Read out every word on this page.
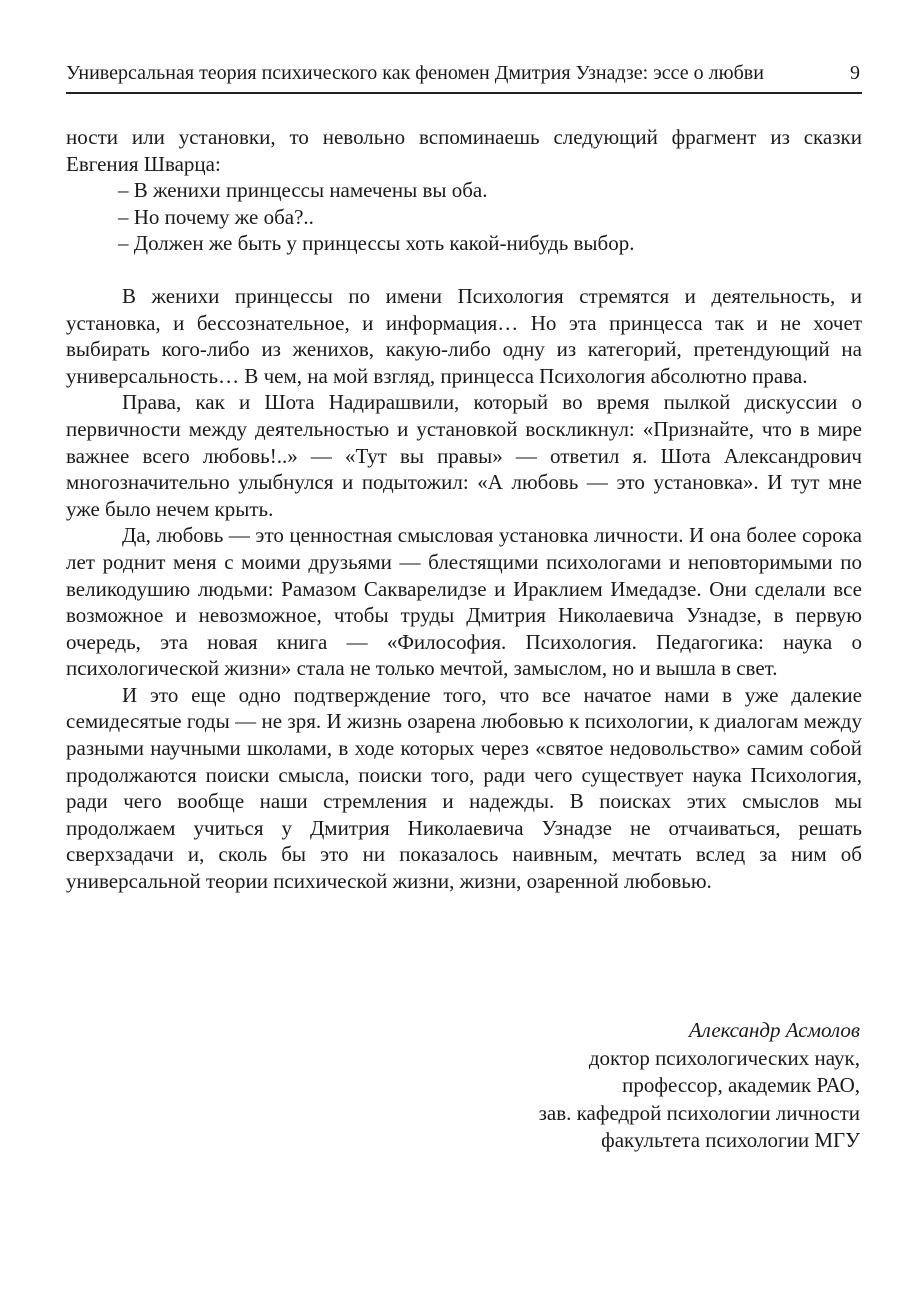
Универсальная теория психического как феномен Дмитрия Узнадзе: эссе о любви	9

ности или установки, то невольно вспоминаешь следующий фрагмент из сказки Евгения Шварца:

– В женихи принцессы намечены вы оба.

– Но почему же оба?..

– Должен же быть у принцессы хоть какой-нибудь выбор.

В женихи принцессы по имени Психология стремятся и деятельность, и установка, и бессознательное, и информация… Но эта принцесса так и не хочет выбирать кого-либо из женихов, какую-либо одну из категорий, претендующий на универсальность… В чем, на мой взгляд, принцесса Психология абсолютно права.

Права, как и Шота Надирашвили, который во время пылкой дискуссии о первичности между деятельностью и установкой воскликнул: «Признайте, что в мире важнее всего любовь!..» — «Тут вы правы» — ответил я. Шота Александрович многозначительно улыбнулся и подытожил: «А любовь — это установка». И тут мне уже было нечем крыть.

Да, любовь — это ценностная смысловая установка личности. И она более сорока лет роднит меня с моими друзьями — блестящими психологами и неповторимыми по великодушию людьми: Рамазом Сакварелидзе и Ираклием Имедадзе. Они сделали все возможное и невозможное, чтобы труды Дмитрия Николаевича Узнадзе, в первую очередь, эта новая книга — «Философия. Психология. Педагогика: наука о психологической жизни» стала не только мечтой, замыслом, но и вышла в свет.

И это еще одно подтверждение того, что все начатое нами в уже далекие семидесятые годы — не зря. И жизнь озарена любовью к психологии, к диалогам между разными научными школами, в ходе которых через «святое недовольство» самим собой продолжаются поиски смысла, поиски того, ради чего существует наука Психология, ради чего вообще наши стремления и надежды. В поисках этих смыслов мы продолжаем учиться у Дмитрия Николаевича Узнадзе не отчаиваться, решать сверхзадачи и, сколь бы это ни показалось наивным, мечтать вслед за ним об универсальной теории психической жизни, жизни, озаренной любовью.

Александр Асмолов

доктор психологических наук,

профессор, академик РАО,

зав. кафедрой психологии личности

факультета психологии МГУ
